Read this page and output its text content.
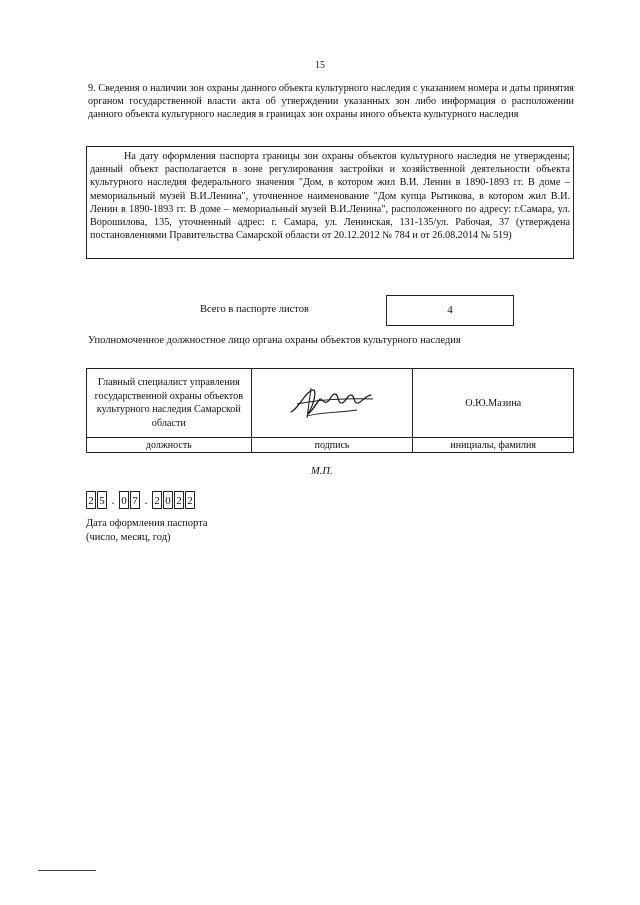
15
9. Сведения о наличии зон охраны данного объекта культурного наследия с указанием номера и даты принятия органом государственной власти акта об утверждении указанных зон либо информация о расположении данного объекта культурного наследия в границах зон охраны иного объекта культурного наследия
На дату оформления паспорта границы зон охраны объектов культурного наследия не утверждены; данный объект располагается в зоне регулирования застройки и хозяйственной деятельности объекта культурного наследия федерального значения "Дом, в котором жил В.И. Ленин в 1890-1893 гг. В доме – мемориальный музей В.И.Ленина", уточненное наименование "Дом купца Рытикова, в котором жил В.И. Ленин в 1890-1893 гг. В доме – мемориальный музей В.И.Ленина", расположенного по адресу: г.Самара, ул. Ворошилова, 135, уточненный адрес: г. Самара, ул. Ленинская, 131-135/ул. Рабочая, 37 (утверждена постановлениями Правительства Самарской области от 20.12.2012 № 784 и от 26.08.2014 № 519)
Всего в паспорте листов	4
Уполномоченное должностное лицо органа охраны объектов культурного наследия
Главный специалист управления государственной охраны объектов культурного наследия Самарской области		О.Ю.Мазина
должность	подпись	инициалы, фамилия
М.П.
2 5 . 0 7 . 2 0 2 2
Дата оформления паспорта
(число, месяц, год)
